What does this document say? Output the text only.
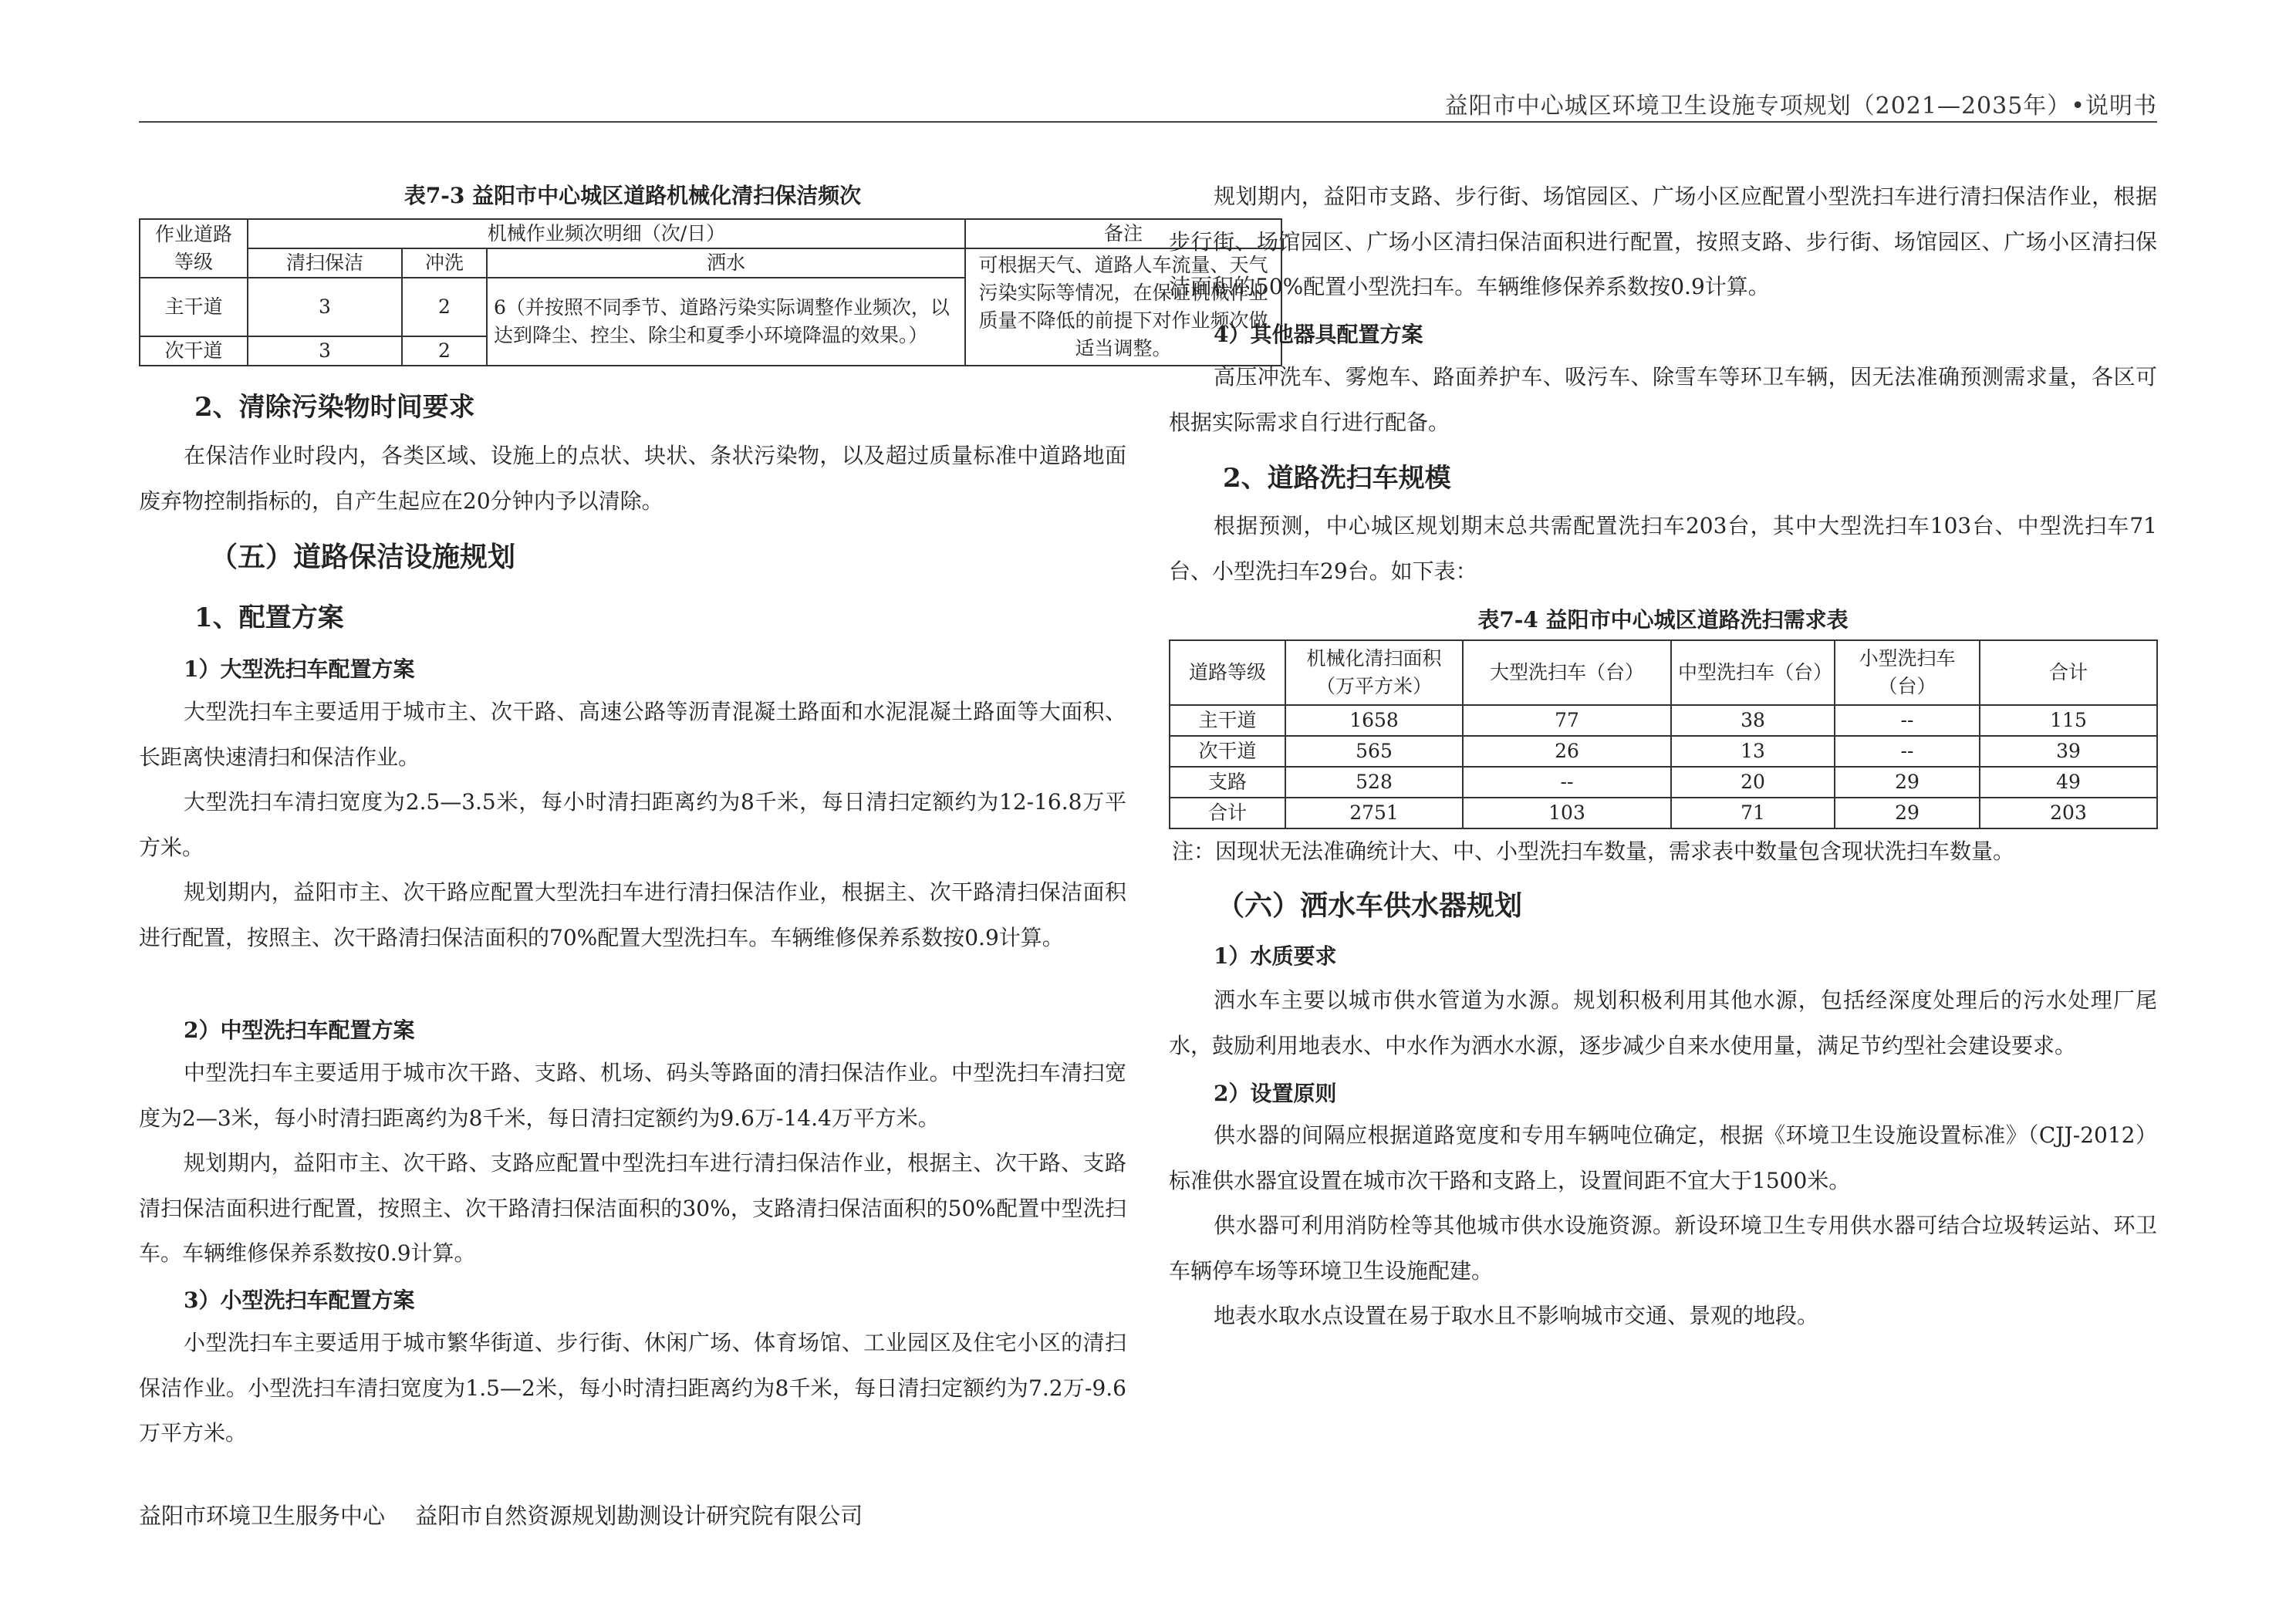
益阳市中心城区环境卫生设施专项规划（2021—2035年）•说明书
表7-3 益阳市中心城区道路机械化清扫保洁频次
作业道路等级	机械作业频次明细（次/日）			备注
	清扫保洁	冲洗	洒水	可根据天气、道路人车流量、天气污染实际等情况，在保证机械作业质量不降低的前提下对作业频次做适当调整。
主干道	3	2	6（并按照不同季节、道路污染实际调整作业频次，以达到降尘、控尘、除尘和夏季小环境降温的效果。）	
次干道	3	2		
2、清除污染物时间要求

在保洁作业时段内，各类区域、设施上的点状、块状、条状污染物，以及超过质量标准中道路地面废弃物控制指标的，自产生起应在20分钟内予以清除。

（五）道路保洁设施规划
1、配置方案
1）大型洗扫车配置方案

大型洗扫车主要适用于城市主、次干路、高速公路等沥青混凝土路面和水泥混凝土路面等大面积、长距离快速清扫和保洁作业。

大型洗扫车清扫宽度为2.5—3.5米，每小时清扫距离约为8千米，每日清扫定额约为12-16.8万平方米。

规划期内，益阳市主、次干路应配置大型洗扫车进行清扫保洁作业，根据主、次干路清扫保洁面积进行配置，按照主、次干路清扫保洁面积的70%配置大型洗扫车。车辆维修保养系数按0.9计算。

2）中型洗扫车配置方案

中型洗扫车主要适用于城市次干路、支路、机场、码头等路面的清扫保洁作业。中型洗扫车清扫宽度为2—3米，每小时清扫距离约为8千米，每日清扫定额约为9.6万-14.4万平方米。

规划期内，益阳市主、次干路、支路应配置中型洗扫车进行清扫保洁作业，根据主、次干路、支路清扫保洁面积进行配置，按照主、次干路清扫保洁面积的30%，支路清扫保洁面积的50%配置中型洗扫车。车辆维修保养系数按0.9计算。

3）小型洗扫车配置方案

小型洗扫车主要适用于城市繁华街道、步行街、休闲广场、体育场馆、工业园区及住宅小区的清扫保洁作业。小型洗扫车清扫宽度为1.5—2米，每小时清扫距离约为8千米，每日清扫定额约为7.2万-9.6万平方米。

规划期内，益阳市支路、步行街、场馆园区、广场小区应配置小型洗扫车进行清扫保洁作业，根据步行街、场馆园区、广场小区清扫保洁面积进行配置，按照支路、步行街、场馆园区、广场小区清扫保洁面积的50%配置小型洗扫车。车辆维修保养系数按0.9计算。

4）其他器具配置方案

高压冲洗车、雾炮车、路面养护车、吸污车、除雪车等环卫车辆，因无法准确预测需求量，各区可根据实际需求自行进行配备。

2、道路洗扫车规模

根据预测，中心城区规划期末总共需配置洗扫车203台，其中大型洗扫车103台、中型洗扫车71台、小型洗扫车29台。如下表：

表7-4 益阳市中心城区道路洗扫需求表
道路等级	机械化清扫面积（万平方米）	大型洗扫车（台）	中型洗扫车（台）	小型洗扫车（台）	合计
主干道	1658	77	38	--	115
次干道	565	26	13	--	39
支路	528	--	20	29	49
合计	2751	103	71	29	203
注：因现状无法准确统计大、中、小型洗扫车数量，需求表中数量包含现状洗扫车数量。
（六）洒水车供水器规划
1）水质要求

洒水车主要以城市供水管道为水源。规划积极利用其他水源，包括经深度处理后的污水处理厂尾水，鼓励利用地表水、中水作为洒水水源，逐步减少自来水使用量，满足节约型社会建设要求。

2）设置原则

供水器的间隔应根据道路宽度和专用车辆吨位确定，根据《环境卫生设施设置标准》（CJJ-2012）标准供水器宜设置在城市次干路和支路上，设置间距不宜大于1500米。

供水器可利用消防栓等其他城市供水设施资源。新设环境卫生专用供水器可结合垃圾转运站、环卫车辆停车场等环境卫生设施配建。

地表水取水点设置在易于取水且不影响城市交通、景观的地段。

益阳市环境卫生服务中心 益阳市自然资源规划勘测设计研究院有限公司
